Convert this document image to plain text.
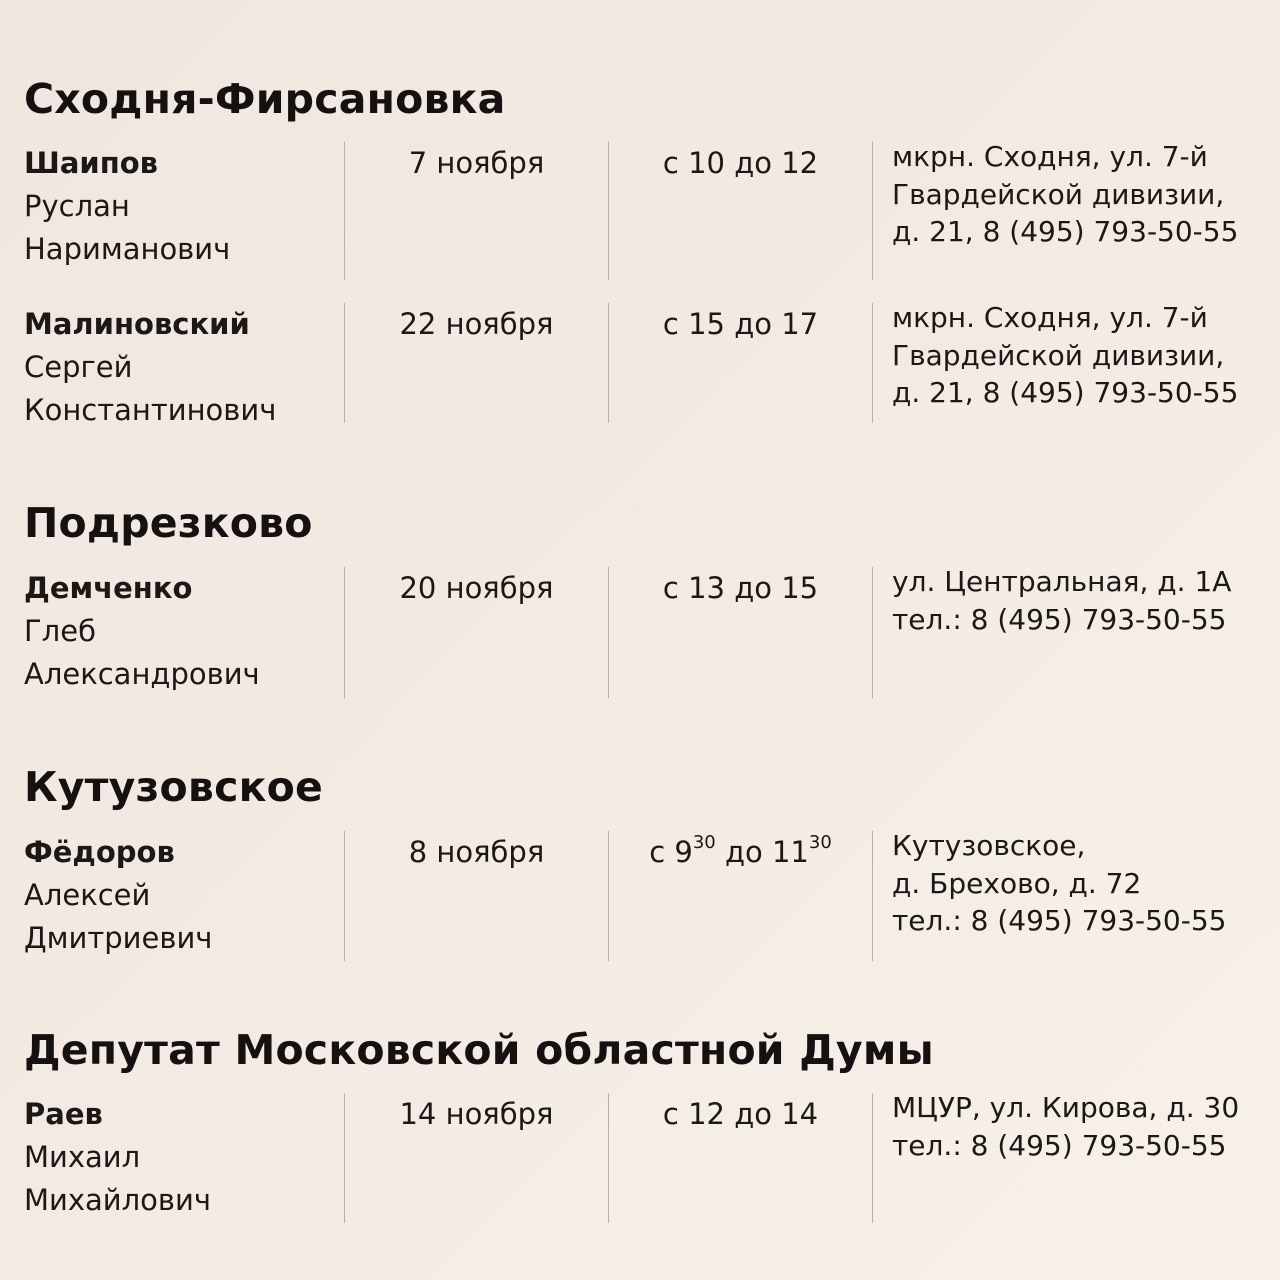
Сходня-Фирсановка
Шаипов
Руслан
Нариманович
7 ноября	с 10 до 12	мкрн. Сходня, ул. 7-й
Гвардейской дивизии,
д. 21, 8 (495) 793-50-55
Малиновский
Сергей
Константинович
22 ноября	с 15 до 17	мкрн. Сходня, ул. 7-й
Гвардейской дивизии,
д. 21, 8 (495) 793-50-55
Подрезково
Демченко
Глеб
Александрович
20 ноября	с 13 до 15	ул. Центральная, д. 1А
тел.: 8 (495) 793-50-55
Кутузовское
Фёдоров
Алексей
Дмитриевич
8 ноября	с $9^{30}$ до $11^{30}$	Кутузовское,
д. Брехово, д. 72
тел.: 8 (495) 793-50-55
Депутат Московской областной Думы
Раев
Михаил
Михайлович
14 ноября	с 12 до 14	МЦУР, ул. Кирова, д. 30
тел.: 8 (495) 793-50-55
